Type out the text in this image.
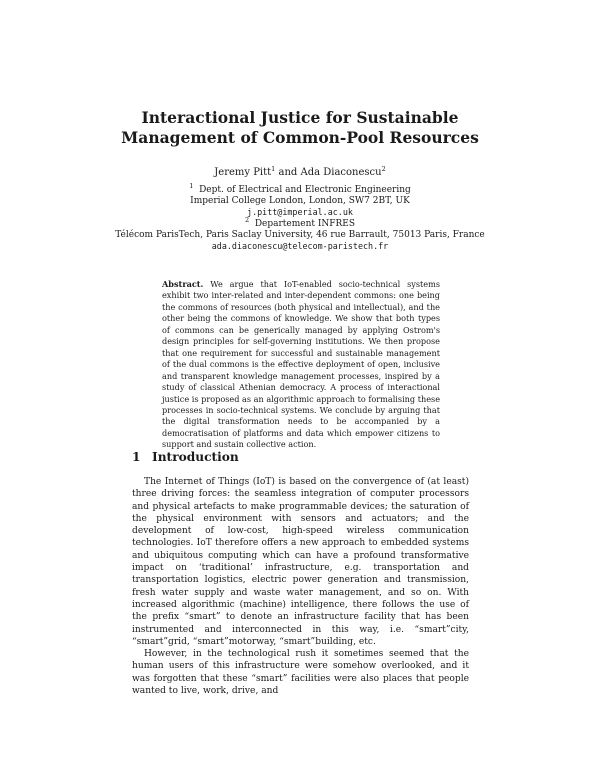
Interactional Justice for Sustainable
Management of Common-Pool Resources
Jeremy Pitt$^1$ and Ada Diaconescu$^2$
$^1$ Dept. of Electrical and Electronic Engineering
Imperial College London, London, SW7 2BT, UK
j.pitt@imperial.ac.uk
$^2$ Departement INFRES
Télécom ParisTech, Paris Saclay University, 46 rue Barrault, 75013 Paris, France
ada.diaconescu@telecom-paristech.fr
Abstract. We argue that IoT-enabled socio-technical systems exhibit two inter-related and inter-dependent commons: one being the commons of resources (both physical and intellectual), and the other being the commons of knowledge. We show that both types of commons can be generically managed by applying Ostrom's design principles for self-governing institutions. We then propose that one requirement for successful and sustainable management of the dual commons is the effective deployment of open, inclusive and transparent knowledge management processes, inspired by a study of classical Athenian democracy. A process of interactional justice is proposed as an algorithmic approach to formalising these processes in socio-technical systems. We conclude by arguing that the digital transformation needs to be accompanied by a democratisation of platforms and data which empower citizens to support and sustain collective action.
1 Introduction

The Internet of Things (IoT) is based on the convergence of (at least) three driving forces: the seamless integration of computer processors and physical artefacts to make programmable devices; the saturation of the physical environment with sensors and actuators; and the development of low-cost, high-speed wireless communication technologies. IoT therefore offers a new approach to embedded systems and ubiquitous computing which can have a profound transformative impact on ‘traditional’ infrastructure, e.g. transportation and transportation logistics, electric power generation and transmission, fresh water supply and waste water management, and so on. With increased algorithmic (machine) intelligence, there follows the use of the prefix “smart” to denote an infrastructure facility that has been instrumented and interconnected in this way, i.e. “smart”city, “smart”grid, “smart”motorway, “smart”building, etc.

However, in the technological rush it sometimes seemed that the human users of this infrastructure were somehow overlooked, and it was forgotten that these “smart” facilities were also places that people wanted to live, work, drive, and
